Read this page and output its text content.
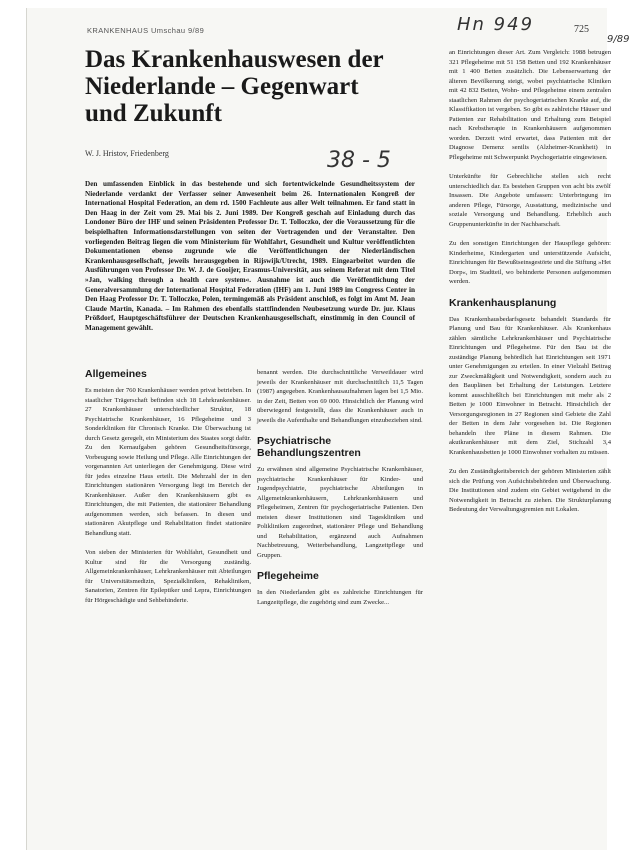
KRANKENHAUS Umschau 9/89	725
Hn 949
9/89
38 - 5
Das Krankenhauswesen der Niederlande – Gegenwart und Zukunft
W. J. Hristov, Friedenberg

Den umfassenden Einblick in das bestehende und sich fortentwickelnde Gesundheitssystem der Niederlande verdankt der Verfasser seiner Anwesenheit beim 26. Internationalen Kongreß der International Hospital Federation, an dem rd. 1500 Fachleute aus aller Welt teilnahmen. Er fand statt in Den Haag in der Zeit vom 29. Mai bis 2. Juni 1989. Der Kongreß geschah auf Einladung durch das Londoner Büro der IHF und seinen Präsidenten Professor Dr. T. Tolloczko, der die Voraussetzung für die beispielhaften Informationsdarstellungen von seiten der Vortragenden und der Veranstalter. Den vorliegenden Beitrag liegen die vom Ministerium für Wohlfahrt, Gesundheit und Kultur veröffentlichten Dokumentationen ebenso zugrunde wie die Veröffentlichungen der Niederländischen Krankenhausgesellschaft, jeweils herausgegeben in Rijswijk/Utrecht, 1989. Eingearbeitet wurden die Ausführungen von Professor Dr. W. J. de Gooijer, Erasmus-Universität, aus seinem Referat mit dem Titel »Jan, walking through a health care system«. Ausnahme ist auch die Veröffentlichung der Generalversammlung der International Hospital Federation (IHF) am 1. Juni 1989 im Congress Center in Den Haag Professor Dr. T. Tolloczko, Polen, termingemäß als Präsident anschloß, es folgt im Amt M. Jean Claude Martin, Kanada. – Im Rahmen des ebenfalls stattfindenden Neubesetzung wurde Dr. jur. Klaus Prößdorf, Hauptgeschäftsführer der Deutschen Krankenhausgesellschaft, einstimmig in den Council of Management gewählt.

an Einrichtungen dieser Art. Zum Vergleich: 1988 betrugen 321 Pflegeheime mit 51 158 Betten und 192 Krankenhäuser mit 1 400 Betten zusätzlich. Die Lebenserwartung der älteren Bevölkerung steigt, wobei psychiatrische Kliniken mit 42 832 Betten, Wohn- und Pflegeheime einem zentralen staatlichen Rahmen der psychogeriatrischen Kranke auf, die Klassifikation ist vergeben. So gibt es zahlreiche Häuser und Patienten zur Rehabilitation und Erhaltung zum Beispiel nach Krebstherapie in Krankenhäusern aufgenommen worden. Derzeit wird erwartet, dass Patienten mit der Diagnose Demenz senilis (Alzheimer-Krankheit) in Pflegeheime mit Schwerpunkt Psychogeriatrie eingewiesen.

Unterkünfte für Gebrechliche stellen sich recht unterschiedlich dar. Es bestehen Gruppen von acht bis zwölf Insassen. Die Angebote umfassen: Unterbringung im anderen Pflege, Fürsorge, Ausstattung, medizinische und soziale Versorgung und Behandlung. Erheblich auch Gruppenunterkünfte in der Nachbarschaft.

Zu den sonstigen Einrichtungen der Hauspflege gehören: Kinderheime, Kindergarten und unterstützende Aufsicht, Einrichtungen für Bewußtseinsgestörte und die Stiftung »Het Dorp«, im Stadtteil, wo behinderte Personen aufgenommen werden.

Krankenhausplanung

Das Krankenhausbedarfsgesetz behandelt Standards für Planung und Bau für Krankenhäuser. Als Krankenhaus zählen sämtliche Lehrkrankenhäuser und Psychiatrische Einrichtungen und Pflegeheime. Für den Bau ist die zuständige Planung behördlich hat Einrichtungen seit 1971 unter Genehmigungen zu erteilen. In einer Vielzahl Beitrag zur Zweckmäßigkeit und Notwendigkeit, sondern auch zu den Bauplänen bei Erhaltung der Leistungen. Letztere kommt ausschließlich bei Einrichtungen mit mehr als 2 Betten je 1000 Einwohner in Betracht. Hinsichtlich der Versorgungsregionen in 27 Regionen sind Gebiete die Zahl der Betten in dem Jahr vorgesehen ist. Die Regionen behandeln ihre Pläne in diesem Rahmen. Die akutkrankenhäuser mit dem Ziel, Stichzahl 3,4 Krankenhausbetten je 1000 Einwohner vorhalten zu müssen.

Zu den Zuständigkeitsbereich der gehören Ministerien zählt sich die Prüfung von Aufsichtsbehörden und Überwachung. Die Institutionen sind zudem ein Gebiet weitgehend in die Notwendigkeit in Betracht zu ziehen. Die Strukturplanung Bedeutung der Verwaltungsgremien mit Lokalen.

Allgemeines

Es meisten der 760 Krankenhäuser werden privat betrieben. In staatlicher Trägerschaft befinden sich 18 Lehrkrankenhäuser. 27 Krankenhäuser unterschiedlicher Struktur, 18 Psychiatrische Krankenhäuser, 16 Pflegeheime und 3 Sonderkliniken für Chronisch Kranke. Die Überwachung ist durch Gesetz geregelt, ein Ministerium des Staates sorgt dafür. Zu den Kernaufgaben gehören Gesundheitsfürsorge, Vorbeugung sowie Heilung und Pflege. Alle Einrichtungen der vorgenannten Art unterliegen der Genehmigung. Diese wird für jedes einzelne Haus erteilt. Die Mehrzahl der in den Einrichtungen stationären Versorgung liegt im Bereich der Krankenhäuser. Außer den Krankenhäusern gibt es Einrichtungen, die mit Patienten, die stationärer Behandlung aufgenommen werden, sich befassen. In diesen und stationären Akutpflege und Rehabilitation findet stationäre Behandlung statt.

Von sieben der Ministerien für Wohlfahrt, Gesundheit und Kultur sind für die Versorgung zuständig. Allgemeinkrankenhäuser, Lehrkrankenhäuser mit Abteilungen für Universitätsmedizin, Spezialkliniken, Rehakliniken, Sanatorien, Zentren für Epileptiker und Lepra, Einrichtungen für Hörgeschädigte und Sehbehinderte.

benannt werden. Die durchschnittliche Verweildauer wird jeweils der Krankenhäuser mit durchschnittlich 11,5 Tagen (1987) angegeben. Krankenhausaufnahmen lagen bei 1,5 Mio. in der Zeit, Betten von 69 000. Hinsichtlich der Planung wird überwiegend festgestellt, dass die Krankenhäuser auch in jeweils die Aufenthalte und Behandlungen einzubeziehen sind.

Psychiatrische Behandlungszentren

Zu erwähnen sind allgemeine Psychiatrische Krankenhäuser, psychiatrische Krankenhäuser für Kinder- und Jugendpsychiatrie, psychiatrische Abteilungen in Allgemeinkrankenhäusern, Lehrkrankenhäusern und Pflegeheimen, Zentren für psychogeriatrische Patienten. Den meisten dieser Institutionen sind Tageskliniken und Polikliniken zugeordnet, stationärer Pflege und Behandlung und Rehabilitation, ergänzend auch Aufnahmen Nachbetreuung, Weiterbehandlung, Langzeitpflege und Gruppen.

Pflegeheime

In den Niederlanden gibt es zahlreiche Einrichtungen für Langzeitpflege, die zugehörig sind zum Zwecke...
